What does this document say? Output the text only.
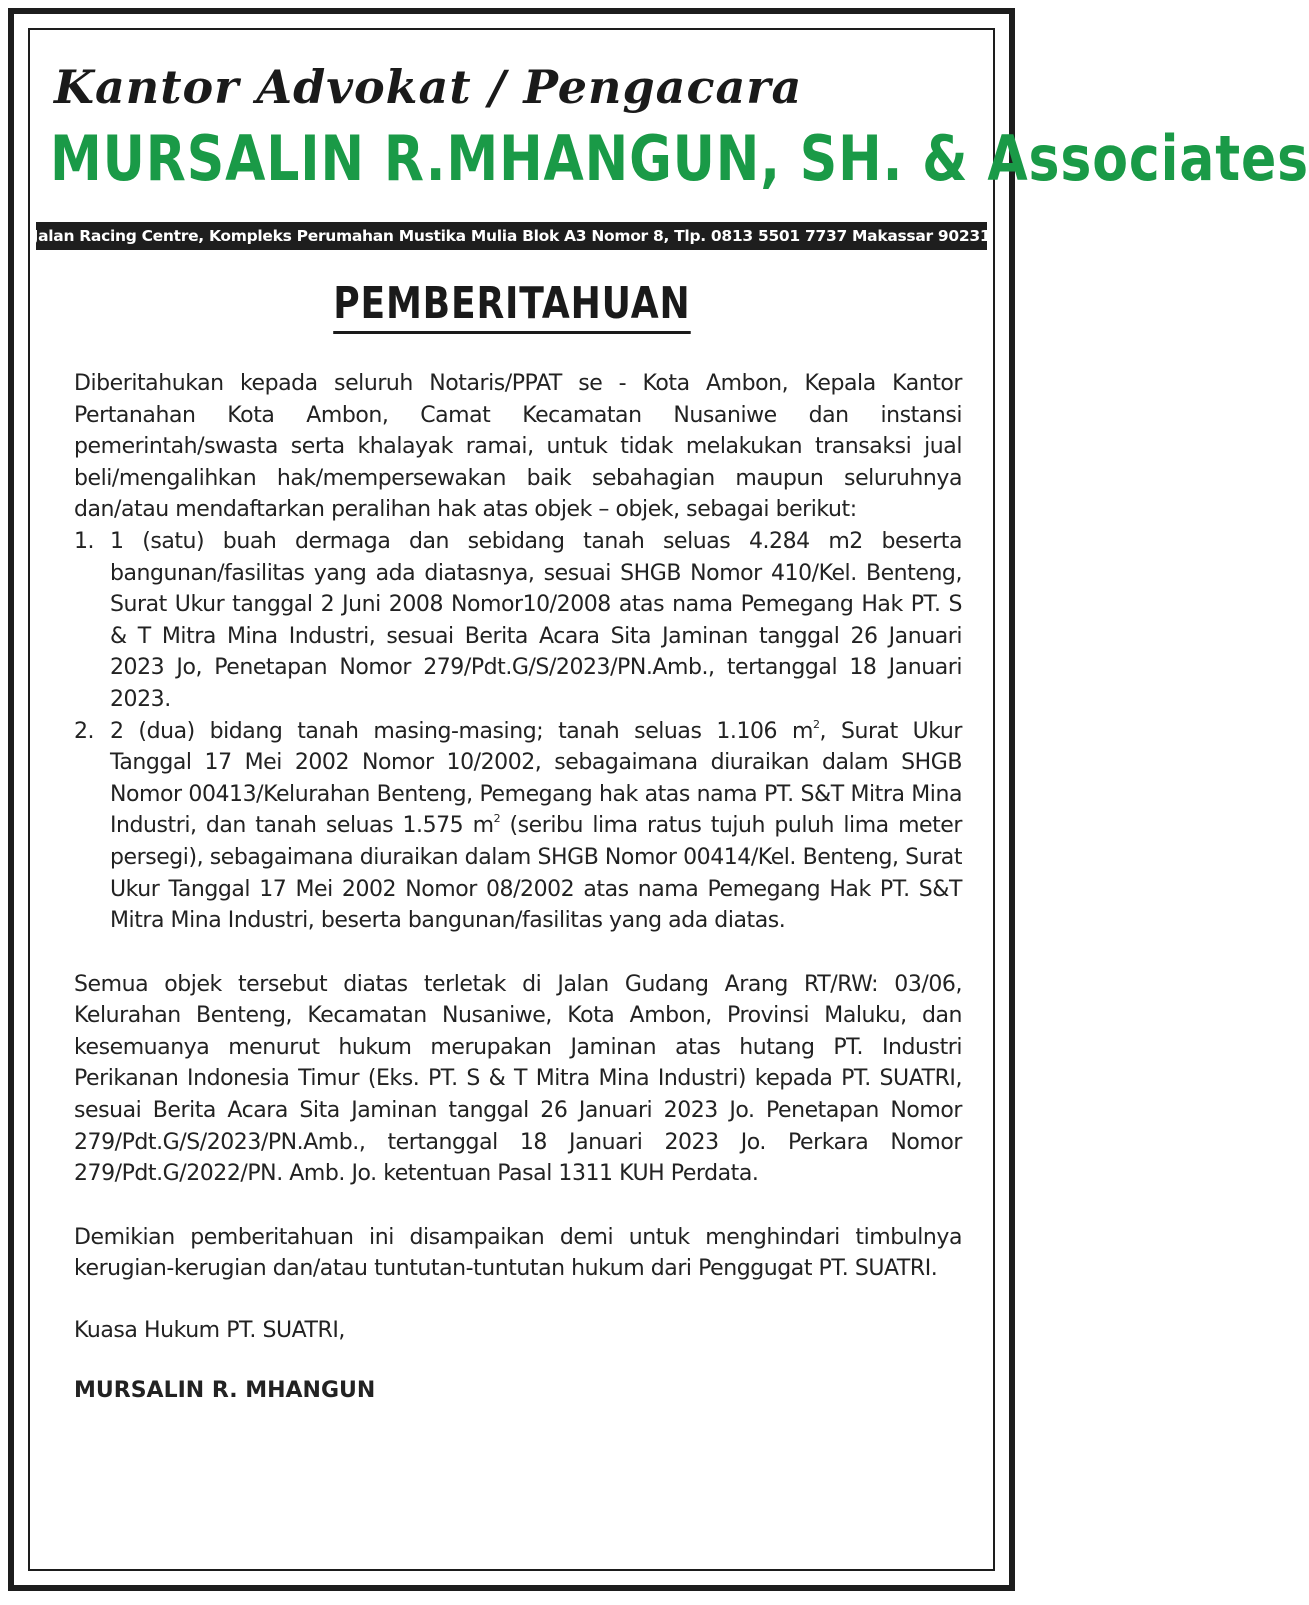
Kantor Advokat / Pengacara

MURSALIN R.MHANGUN, SH. & Associates

Jalan Racing Centre, Kompleks Perumahan Mustika Mulia Blok A3 Nomor 8, Tlp. 0813 5501 7737 Makassar 90231
PEMBERITAHUAN

Diberitahukan kepada seluruh Notaris/PPAT se - Kota Ambon, Kepala Kantor Pertanahan Kota Ambon, Camat Kecamatan Nusaniwe dan instansi pemerintah/swasta serta khalayak ramai, untuk tidak melakukan transaksi jual beli/mengalihkan hak/mempersewakan baik sebahagian maupun seluruhnya dan/atau mendaftarkan peralihan hak atas objek – objek, sebagai berikut:

1. 1 (satu) buah dermaga dan sebidang tanah seluas 4.284 m2 beserta bangunan/fasilitas yang ada diatasnya, sesuai SHGB Nomor 410/Kel. Benteng, Surat Ukur tanggal 2 Juni 2008 Nomor10/2008 atas nama Pemegang Hak PT. S & T Mitra Mina Industri, sesuai Berita Acara Sita Jaminan tanggal 26 Januari 2023 Jo, Penetapan Nomor 279/Pdt.G/S/2023/PN.Amb., tertanggal 18 Januari 2023.
2. 2 (dua) bidang tanah masing-masing; tanah seluas 1.106 $m^2$, Surat Ukur Tanggal 17 Mei 2002 Nomor 10/2002, sebagaimana diuraikan dalam SHGB Nomor 00413/Kelurahan Benteng, Pemegang hak atas nama PT. S&T Mitra Mina Industri, dan tanah seluas 1.575 $m^2$ (seribu lima ratus tujuh puluh lima meter persegi), sebagaimana diuraikan dalam SHGB Nomor 00414/Kel. Benteng, Surat Ukur Tanggal 17 Mei 2002 Nomor 08/2002 atas nama Pemegang Hak PT. S&T Mitra Mina Industri, beserta bangunan/fasilitas yang ada diatas.

Semua objek tersebut diatas terletak di Jalan Gudang Arang RT/RW: 03/06, Kelurahan Benteng, Kecamatan Nusaniwe, Kota Ambon, Provinsi Maluku, dan kesemuanya menurut hukum merupakan Jaminan atas hutang PT. Industri Perikanan Indonesia Timur (Eks. PT. S & T Mitra Mina Industri) kepada PT. SUATRI, sesuai Berita Acara Sita Jaminan tanggal 26 Januari 2023 Jo. Penetapan Nomor 279/Pdt.G/S/2023/PN.Amb., tertanggal 18 Januari 2023 Jo. Perkara Nomor 279/Pdt.G/2022/PN. Amb. Jo. ketentuan Pasal 1311 KUH Perdata.

Demikian pemberitahuan ini disampaikan demi untuk menghindari timbulnya kerugian-kerugian dan/atau tuntutan-tuntutan hukum dari Penggugat PT. SUATRI.

Kuasa Hukum PT. SUATRI,

MURSALIN R. MHANGUN
